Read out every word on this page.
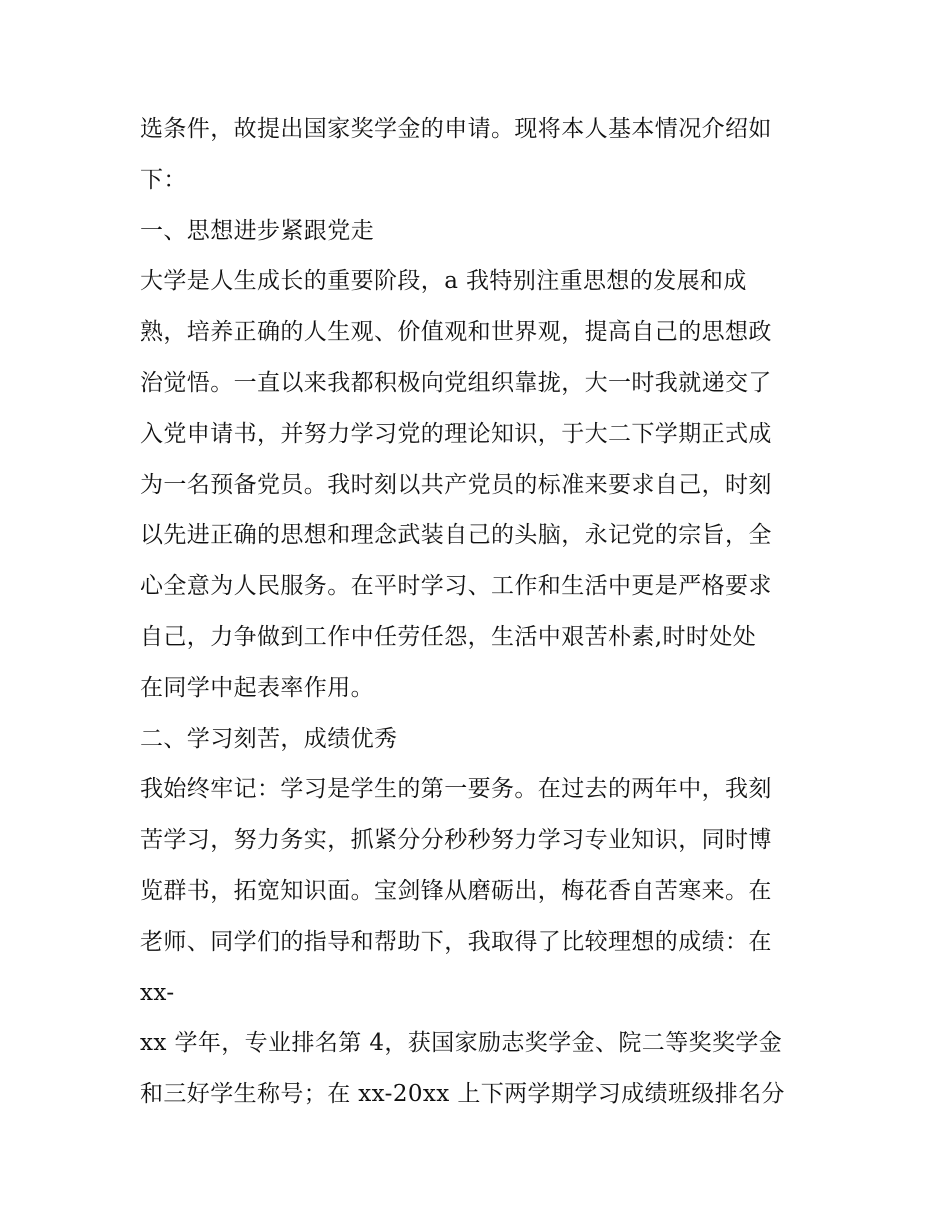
选条件，故提出国家奖学金的申请。现将本人基本情况介绍如
下：
一、思想进步紧跟党走
大学是人生成长的重要阶段，a 我特别注重思想的发展和成
熟，培养正确的人生观、价值观和世界观，提高自己的思想政
治觉悟。一直以来我都积极向党组织靠拢，大一时我就递交了
入党申请书，并努力学习党的理论知识，于大二下学期正式成
为一名预备党员。我时刻以共产党员的标准来要求自己，时刻
以先进正确的思想和理念武装自己的头脑，永记党的宗旨，全
心全意为人民服务。在平时学习、工作和生活中更是严格要求
自己，力争做到工作中任劳任怨，生活中艰苦朴素,时时处处
在同学中起表率作用。
二、学习刻苦，成绩优秀
我始终牢记：学习是学生的第一要务。在过去的两年中，我刻
苦学习，努力务实，抓紧分分秒秒努力学习专业知识，同时博
览群书，拓宽知识面。宝剑锋从磨砺出，梅花香自苦寒来。在
老师、同学们的指导和帮助下，我取得了比较理想的成绩：在
xx-
xx 学年，专业排名第 4，获国家励志奖学金、院二等奖奖学金
和三好学生称号；在 xx-20xx 上下两学期学习成绩班级排名分
